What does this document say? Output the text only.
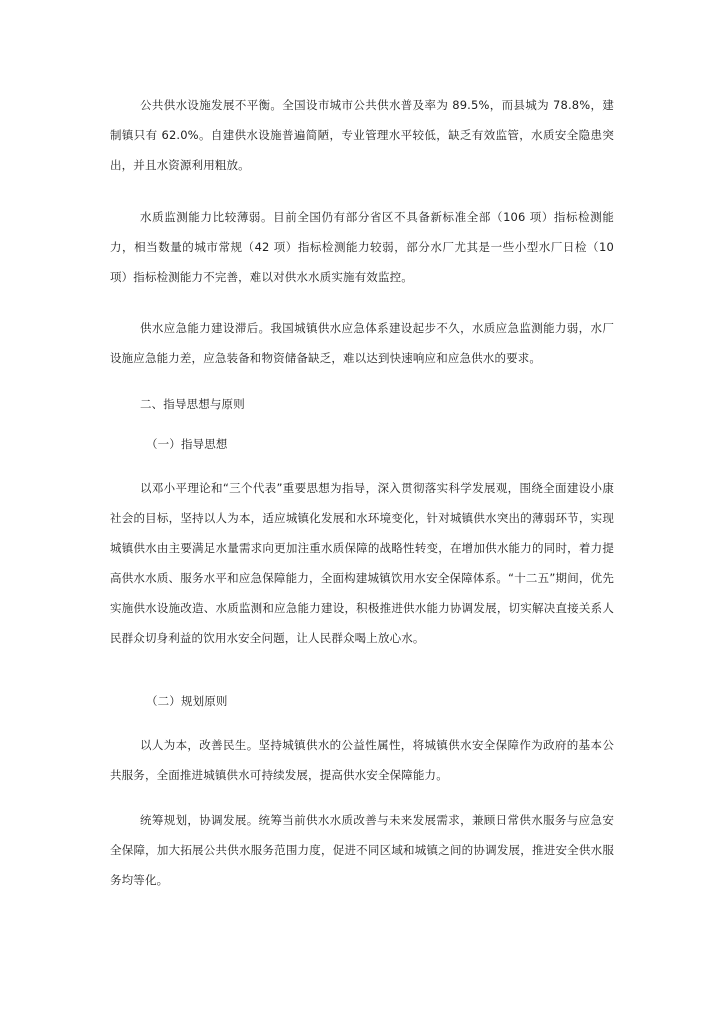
公共供水设施发展不平衡。全国设市城市公共供水普及率为 89.5%，而县城为 78.8%，建制镇只有 62.0%。自建供水设施普遍简陋，专业管理水平较低，缺乏有效监管，水质安全隐患突出，并且水资源利用粗放。

水质监测能力比较薄弱。目前全国仍有部分省区不具备新标准全部（106 项）指标检测能力，相当数量的城市常规（42 项）指标检测能力较弱，部分水厂尤其是一些小型水厂日检（10 项）指标检测能力不完善，难以对供水水质实施有效监控。

供水应急能力建设滞后。我国城镇供水应急体系建设起步不久，水质应急监测能力弱，水厂设施应急能力差，应急装备和物资储备缺乏，难以达到快速响应和应急供水的要求。

二、指导思想与原则
（一）指导思想

以邓小平理论和“三个代表”重要思想为指导，深入贯彻落实科学发展观，围绕全面建设小康社会的目标，坚持以人为本，适应城镇化发展和水环境变化，针对城镇供水突出的薄弱环节，实现城镇供水由主要满足水量需求向更加注重水质保障的战略性转变，在增加供水能力的同时，着力提高供水水质、服务水平和应急保障能力，全面构建城镇饮用水安全保障体系。“十二五”期间，优先实施供水设施改造、水质监测和应急能力建设，积极推进供水能力协调发展，切实解决直接关系人民群众切身利益的饮用水安全问题，让人民群众喝上放心水。

（二）规划原则

以人为本，改善民生。坚持城镇供水的公益性属性，将城镇供水安全保障作为政府的基本公共服务，全面推进城镇供水可持续发展，提高供水安全保障能力。

统筹规划，协调发展。统筹当前供水水质改善与未来发展需求，兼顾日常供水服务与应急安全保障，加大拓展公共供水服务范围力度，促进不同区域和城镇之间的协调发展，推进安全供水服务均等化。
